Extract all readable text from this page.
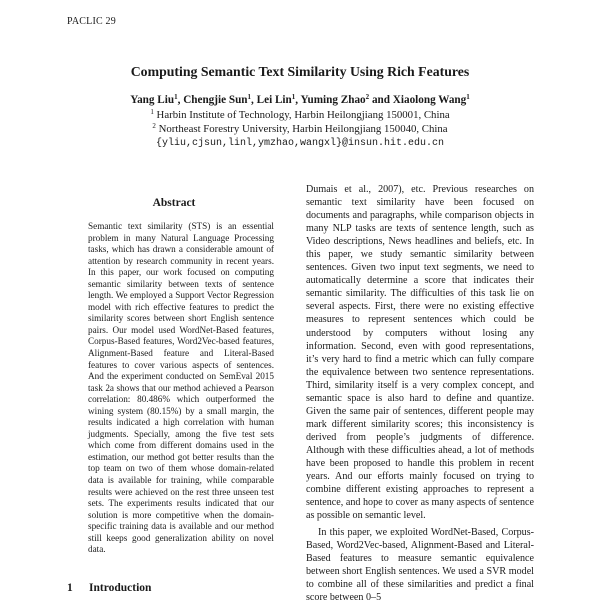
PACLIC 29
Computing Semantic Text Similarity Using Rich Features
Yang Liu$^1$, Chengjie Sun$^1$, Lei Lin$^1$, Yuming Zhao$^2$ and Xiaolong Wang$^1$
$^1$ Harbin Institute of Technology, Harbin Heilongjiang 150001, China
$^2$ Northeast Forestry University, Harbin Heilongjiang 150040, China
{yliu,cjsun,linl,ymzhao,wangxl}@insun.hit.edu.cn
Abstract

Semantic text similarity (STS) is an essential problem in many Natural Language Processing tasks, which has drawn a considerable amount of attention by research community in recent years. In this paper, our work focused on computing semantic similarity between texts of sentence length. We employed a Support Vector Regression model with rich effective features to predict the similarity scores between short English sentence pairs. Our model used WordNet-Based features, Corpus-Based features, Word2Vec-based features, Alignment-Based feature and Literal-Based features to cover various aspects of sentences. And the experiment conducted on SemEval 2015 task 2a shows that our method achieved a Pearson correlation: 80.486% which outperformed the wining system (80.15%) by a small margin, the results indicated a high correlation with human judgments. Specially, among the five test sets which come from different domains used in the estimation, our method got better results than the top team on two of them whose domain-related data is available for training, while comparable results were achieved on the rest three unseen test sets. The experiments results indicated that our solution is more competitive when the domain-specific training data is available and our method still keeps good generalization ability on novel data.

1 Introduction

Dumais et al., 2007), etc. Previous researches on semantic text similarity have been focused on documents and paragraphs, while comparison objects in many NLP tasks are texts of sentence length, such as Video descriptions, News headlines and beliefs, etc. In this paper, we study semantic similarity between sentences. Given two input text segments, we need to automatically determine a score that indicates their semantic similarity. The difficulties of this task lie on several aspects. First, there were no existing effective measures to represent sentences which could be understood by computers without losing any information. Second, even with good representations, it’s very hard to find a metric which can fully compare the equivalence between two sentence representations. Third, similarity itself is a very complex concept, and semantic space is also hard to define and quantize. Given the same pair of sentences, different people may mark different similarity scores; this inconsistency is derived from people’s judgments of difference. Although with these difficulties ahead, a lot of methods have been proposed to handle this problem in recent years. And our efforts mainly focused on trying to combine different existing approaches to represent a sentence, and hope to cover as many aspects of sentence as possible on semantic level.

In this paper, we exploited WordNet-Based, Corpus-Based, Word2Vec-based, Alignment-Based and Literal-Based features to measure semantic equivalence between short English sentences. We used a SVR model to combine all of these similarities and predict a final score between 0–5
